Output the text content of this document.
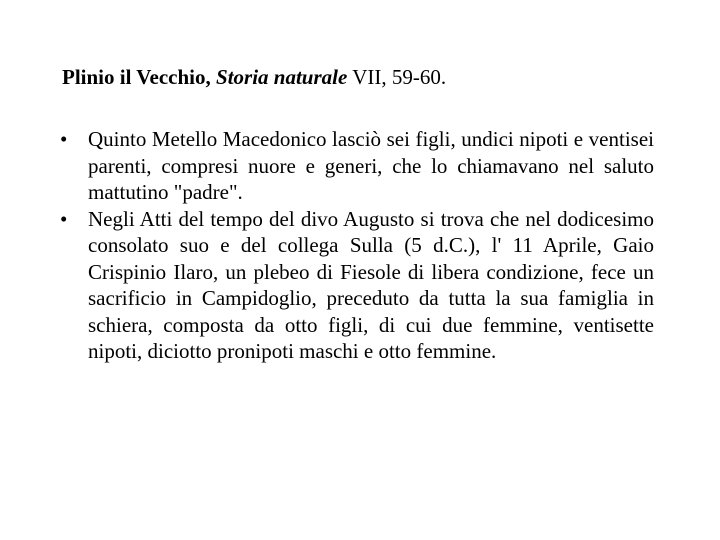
Plinio il Vecchio, Storia naturale VII, 59-60.
• Quinto Metello Macedonico lasciò sei figli, undici nipoti e ventisei parenti, compresi nuore e generi, che lo chiamavano nel saluto mattutino "padre".
• Negli Atti del tempo del divo Augusto si trova che nel dodicesimo consolato suo e del collega Sulla (5 d.C.), l' 11 Aprile, Gaio Crispinio Ilaro, un plebeo di Fiesole di libera condizione, fece un sacrificio in Campidoglio, preceduto da tutta la sua famiglia in schiera, composta da otto figli, di cui due femmine, ventisette nipoti, diciotto pronipoti maschi e otto femmine.
